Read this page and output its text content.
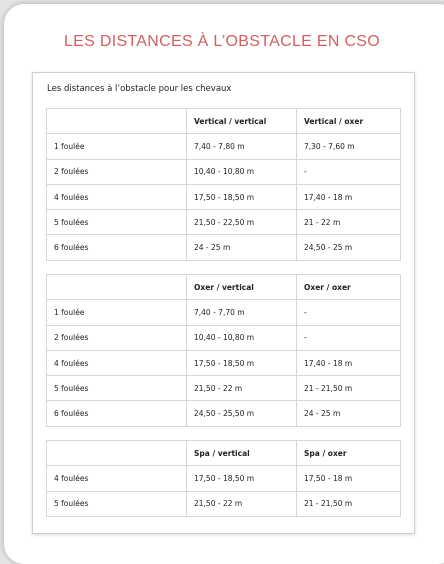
LES DISTANCES À L’OBSTACLE EN CSO
Les distances à l’obstacle pour les chevaux
	Vertical / vertical	Vertical / oxer
1 foulée	7,40 - 7,80 m	7,30 - 7,60 m
2 foulées	10,40 - 10,80 m	-
4 foulées	17,50 - 18,50 m	17,40 - 18 m
5 foulées	21,50 - 22,50 m	21 - 22 m
6 foulées	24 - 25 m	24,50 - 25 m
	Oxer / vertical	Oxer / oxer
1 foulée	7,40 - 7,70 m	-
2 foulées	10,40 - 10,80 m	-
4 foulées	17,50 - 18,50 m	17,40 - 18 m
5 foulées	21,50 - 22 m	21 - 21,50 m
6 foulées	24,50 - 25,50 m	24 - 25 m
	Spa / vertical	Spa / oxer
4 foulées	17,50 - 18,50 m	17,50 - 18 m
5 foulées	21,50 - 22 m	21 - 21,50 m
